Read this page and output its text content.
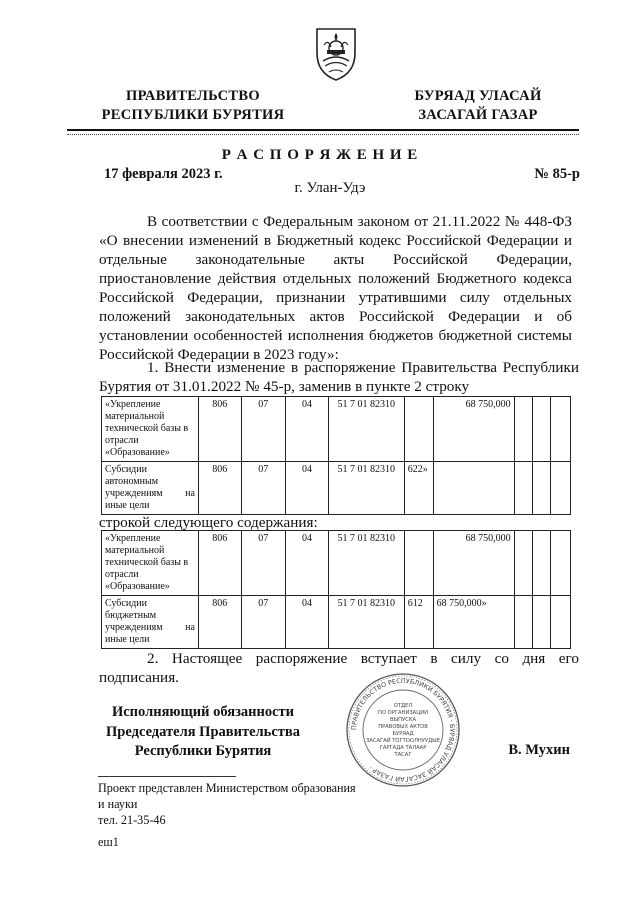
ПРАВИТЕЛЬСТВО
РЕСПУБЛИКИ БУРЯТИЯ
БУРЯАД УЛАСАЙ
ЗАСАГАЙ ГАЗАР
Р А С П О Р Я Ж Е Н И Е
17 февраля 2023 г.	№ 85-р
г. Улан-Удэ
В соответствии с Федеральным законом от 21.11.2022 № 448-ФЗ «О внесении изменений в Бюджетный кодекс Российской Федерации и отдельные законодательные акты Российской Федерации, приостановление действия отдельных положений Бюджетного кодекса Российской Федерации, признании утратившими силу отдельных положений законодательных актов Российской Федерации и об установлении особенностей исполнения бюджетов бюджетной системы Российской Федерации в 2023 году»:
1. Внести изменение в распоряжение Правительства Республики Бурятия от 31.01.2022 № 45-р, заменив в пункте 2 строку
«Укрепление материальной технической базы в отрасли «Образование»	806	07	04	51 7 01 82310		68 750,000			
Субсидии автономным учреждениям на иные цели	806	07	04	51 7 01 82310	622»				
строкой следующего содержания:
«Укрепление материальной технической базы в отрасли «Образование»	806	07	04	51 7 01 82310		68 750,000			
Субсидии бюджетным учреждениям на иные цели	806	07	04	51 7 01 82310	612	68 750,000»			
2. Настоящее распоряжение вступает в силу со дня его подписания.
Исполняющий обязанности
Председателя Правительства
Республики Бурятия	В. Мухин
ПРАВИТЕЛЬСТВО РЕСПУБЛИКИ БУРЯТИЯ · БУРЯАД УЛАСАЙ ЗАСАГАЙ ГАЗАР ·
ОТДЕЛ
ПО ОРГАНИЗАЦИИ
ВЫПУСКА
ПРАВОВЫХ АКТОВ
БУРЯАД
ЗАСАГАЙ ТОГТООЛНУУДЫЕ
ГАРГАДА ТАЛААР
ТАСАГ
Проект представлен Министерством образования
и науки
тел. 21-35-46
еш1
